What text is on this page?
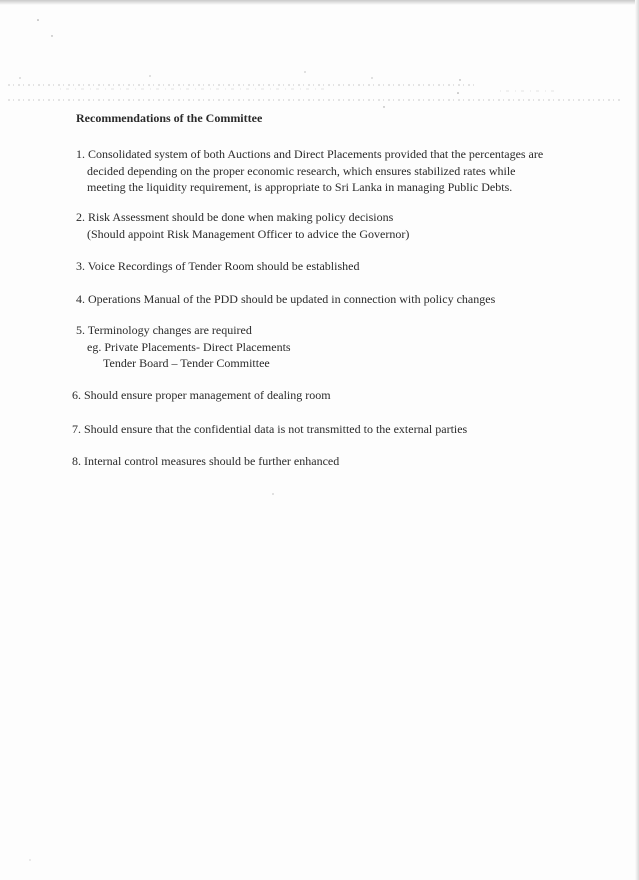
Recommendations of the Committee
1. Consolidated system of both Auctions and Direct Placements provided that the percentages are
decided depending on the proper economic research, which ensures stabilized rates while
meeting the liquidity requirement, is appropriate to Sri Lanka in managing Public Debts.
2. Risk Assessment should be done when making policy decisions
(Should appoint Risk Management Officer to advice the Governor)
3. Voice Recordings of Tender Room should be established
4. Operations Manual of the PDD should be updated in connection with policy changes
5. Terminology changes are required
eg. Private Placements- Direct Placements
Tender Board – Tender Committee
6. Should ensure proper management of dealing room
7. Should ensure that the confidential data is not transmitted to the external parties
8. Internal control measures should be further enhanced
